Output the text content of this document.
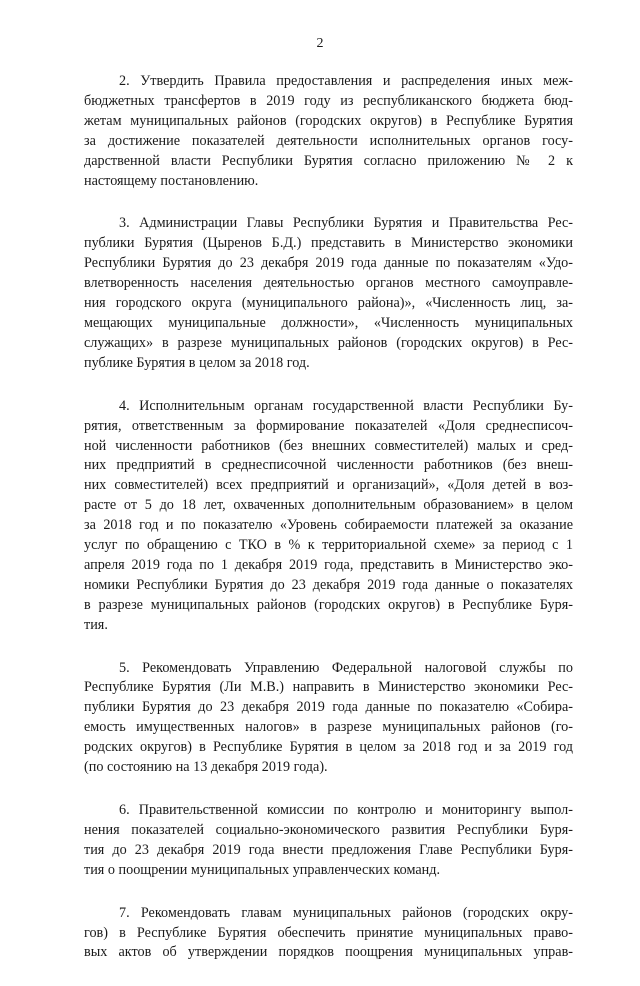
2

2. Утвердить Правила предоставления и распределения иных меж-
бюджетных трансфертов в 2019 году из республиканского бюджета бюд-
жетам муниципальных районов (городских округов) в Республике Бурятия
за достижение показателей деятельности исполнительных органов госу-
дарственной власти Республики Бурятия согласно приложению № 2 к
настоящему постановлению.

3. Администрации Главы Республики Бурятия и Правительства Рес-
публики Бурятия (Цыренов Б.Д.) представить в Министерство экономики
Республики Бурятия до 23 декабря 2019 года данные по показателям «Удо-
влетворенность населения деятельностью органов местного самоуправле-
ния городского округа (муниципального района)», «Численность лиц, за-
мещающих муниципальные должности», «Численность муниципальных
служащих» в разрезе муниципальных районов (городских округов) в Рес-
публике Бурятия в целом за 2018 год.

4. Исполнительным органам государственной власти Республики Бу-
рятия, ответственным за формирование показателей «Доля среднесписоч-
ной численности работников (без внешних совместителей) малых и сред-
них предприятий в среднесписочной численности работников (без внеш-
них совместителей) всех предприятий и организаций», «Доля детей в воз-
расте от 5 до 18 лет, охваченных дополнительным образованием» в целом
за 2018 год и по показателю «Уровень собираемости платежей за оказание
услуг по обращению с ТКО в % к территориальной схеме» за период с 1
апреля 2019 года по 1 декабря 2019 года, представить в Министерство эко-
номики Республики Бурятия до 23 декабря 2019 года данные о показателях
в разрезе муниципальных районов (городских округов) в Республике Буря-
тия.

5. Рекомендовать Управлению Федеральной налоговой службы по
Республике Бурятия (Ли М.В.) направить в Министерство экономики Рес-
публики Бурятия до 23 декабря 2019 года данные по показателю «Собира-
емость имущественных налогов» в разрезе муниципальных районов (го-
родских округов) в Республике Бурятия в целом за 2018 год и за 2019 год
(по состоянию на 13 декабря 2019 года).

6. Правительственной комиссии по контролю и мониторингу выпол-
нения показателей социально-экономического развития Республики Буря-
тия до 23 декабря 2019 года внести предложения Главе Республики Буря-
тия о поощрении муниципальных управленческих команд.

7. Рекомендовать главам муниципальных районов (городских окру-
гов) в Республике Бурятия обеспечить принятие муниципальных право-
вых актов об утверждении порядков поощрения муниципальных управ-
